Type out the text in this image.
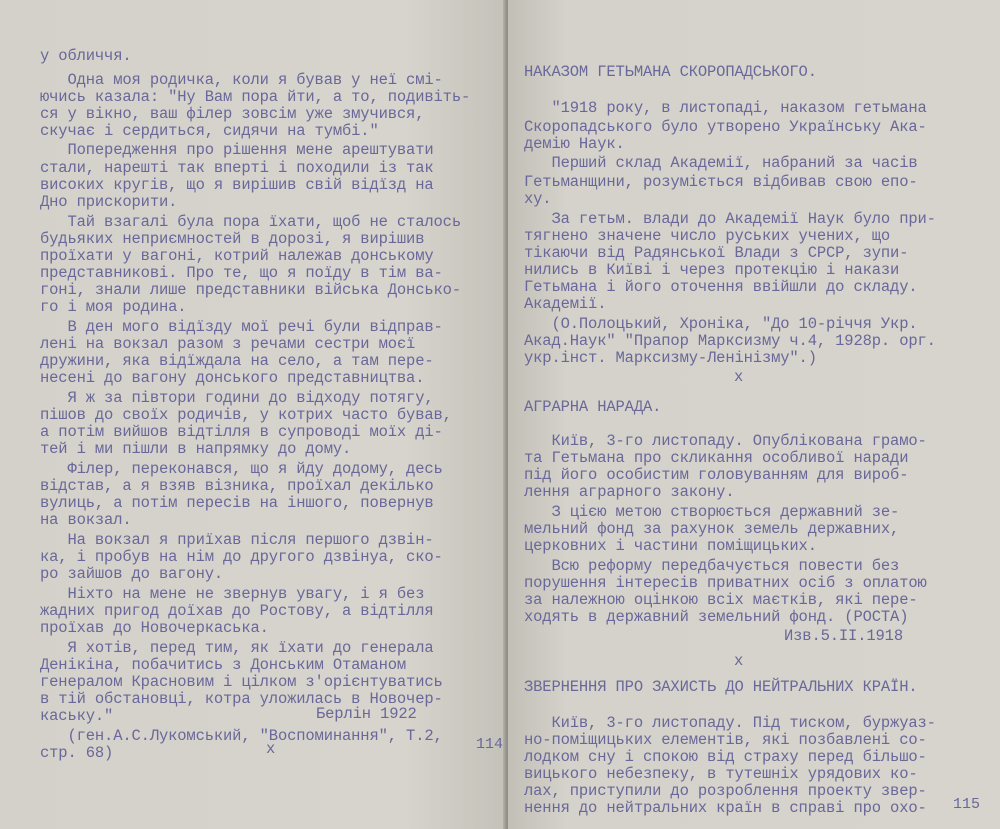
у обличчя.
Одна моя родичка, коли я бував у неї смі-
ючись казала: "Ну Вам пора йти, а то, подивіть-
ся у вікно, ваш філер зовсім уже змучився,
скучає і сердиться, сидячи на тумбі."
Попередження про рішення мене арештувати
стали, нарешті так вперті і походили із так
високих кругів, що я вирішив свій відїзд на
Дно прискорити.
Тай взагалі була пора їхати, щоб не сталось
будьяких неприємностей в дорозі, я вирішив
проїхати у вагоні, котрий належав донському
представникові. Про те, що я поїду в тім ва-
гоні, знали лише представники війська Донсько-
го і моя родина.
В ден мого відїзду мої речі були відправ-
лені на вокзал разом з речами сестри моєї
дружини, яка відїждала на село, а там пере-
несені до вагону донського представництва.
Я ж за півтори години до відходу потягу,
пішов до своїх родичів, у котрих часто бував,
а потім вийшов відтілля в супроводі моїх ді-
тей і ми пішли в напрямку до дому.
Філер, переконався, що я йду додому, десь
відстав, а я взяв візника, проїхал декілько
вулиць, а потім пересів на іншого, повернув
на вокзал.
На вокзал я приїхав після першого дзвін-
ка, і пробув на нім до другого дзвінуа, ско-
ро зайшов до вагону.
Ніхто на мене не звернув увагу, і я без
жадних пригод доїхав до Ростову, а відтілля
проїхав до Новочеркаська.
Я хотів, перед тим, як їхати до генерала
Денікіна, побачитись з Донським Отаманом
генералом Красновим і цілком з'орієнтуватись
в тій обстановці, котра уложилась в Новочер-
каську."
(ген.А.С.Лукомський, "Воспоминання", Т.2,
стр. 68)
Берлін 1922
x	114
НАКАЗОМ ГЕТЬМАНА СКОРОПАДСЬКОГО.
"1918 року, в листопаді, наказом гетьмана
Скоропадського було утворено Українську Ака-
демію Наук.
Перший склад Академії, набраний за часів
Гетьманщини, розуміється відбивав свою епо-
ху.
За гетьм. влади до Академії Наук було при-
тягнено значене число руських учених, що
тікаючи від Радянської Влади з СРСР, зупи-
нились в Київі і через протекцію і накази
Гетьмана і його оточення ввійшли до складу.
Академії.
(О.Полоцький, Хроніка, "До 10-річчя Укр.
Акад.Наук" "Прапор Марксизму ч.4, 1928р. орг.
укр.інст. Марксизму-Ленінізму".)
x
АГРАРНА НАРАДА.
Київ, 3-го листопаду. Опублікована грамо-
та Гетьмана про скликання особливої наради
під його особистим головуванням для вироб-
лення аграрного закону.
З цією метою створюється державний зе-
мельний фонд за рахунок земель державних,
церковних і частини поміщицьких.
Всю реформу передбачується повести без
порушення інтересів приватних осіб з оплатою
за належною оцінкою всіх маєтків, які пере-
ходять в державний земельний фонд. (РОСТА)
Изв.5.II.1918
x
ЗВЕРНЕННЯ ПРО ЗАХИСТЬ ДО НЕЙТРАЛЬНИХ КРАЇН.
Київ, 3-го листопаду. Під тиском, буржуаз-
но-поміщицьких елементів, які позбавлені со-
лодком сну і спокою від страху перед більшо-
вицького небезпеку, в тутешніх урядових ко-
лах, приступили до розроблення проекту звер-
нення до нейтральних країн в справі про охо- 115
